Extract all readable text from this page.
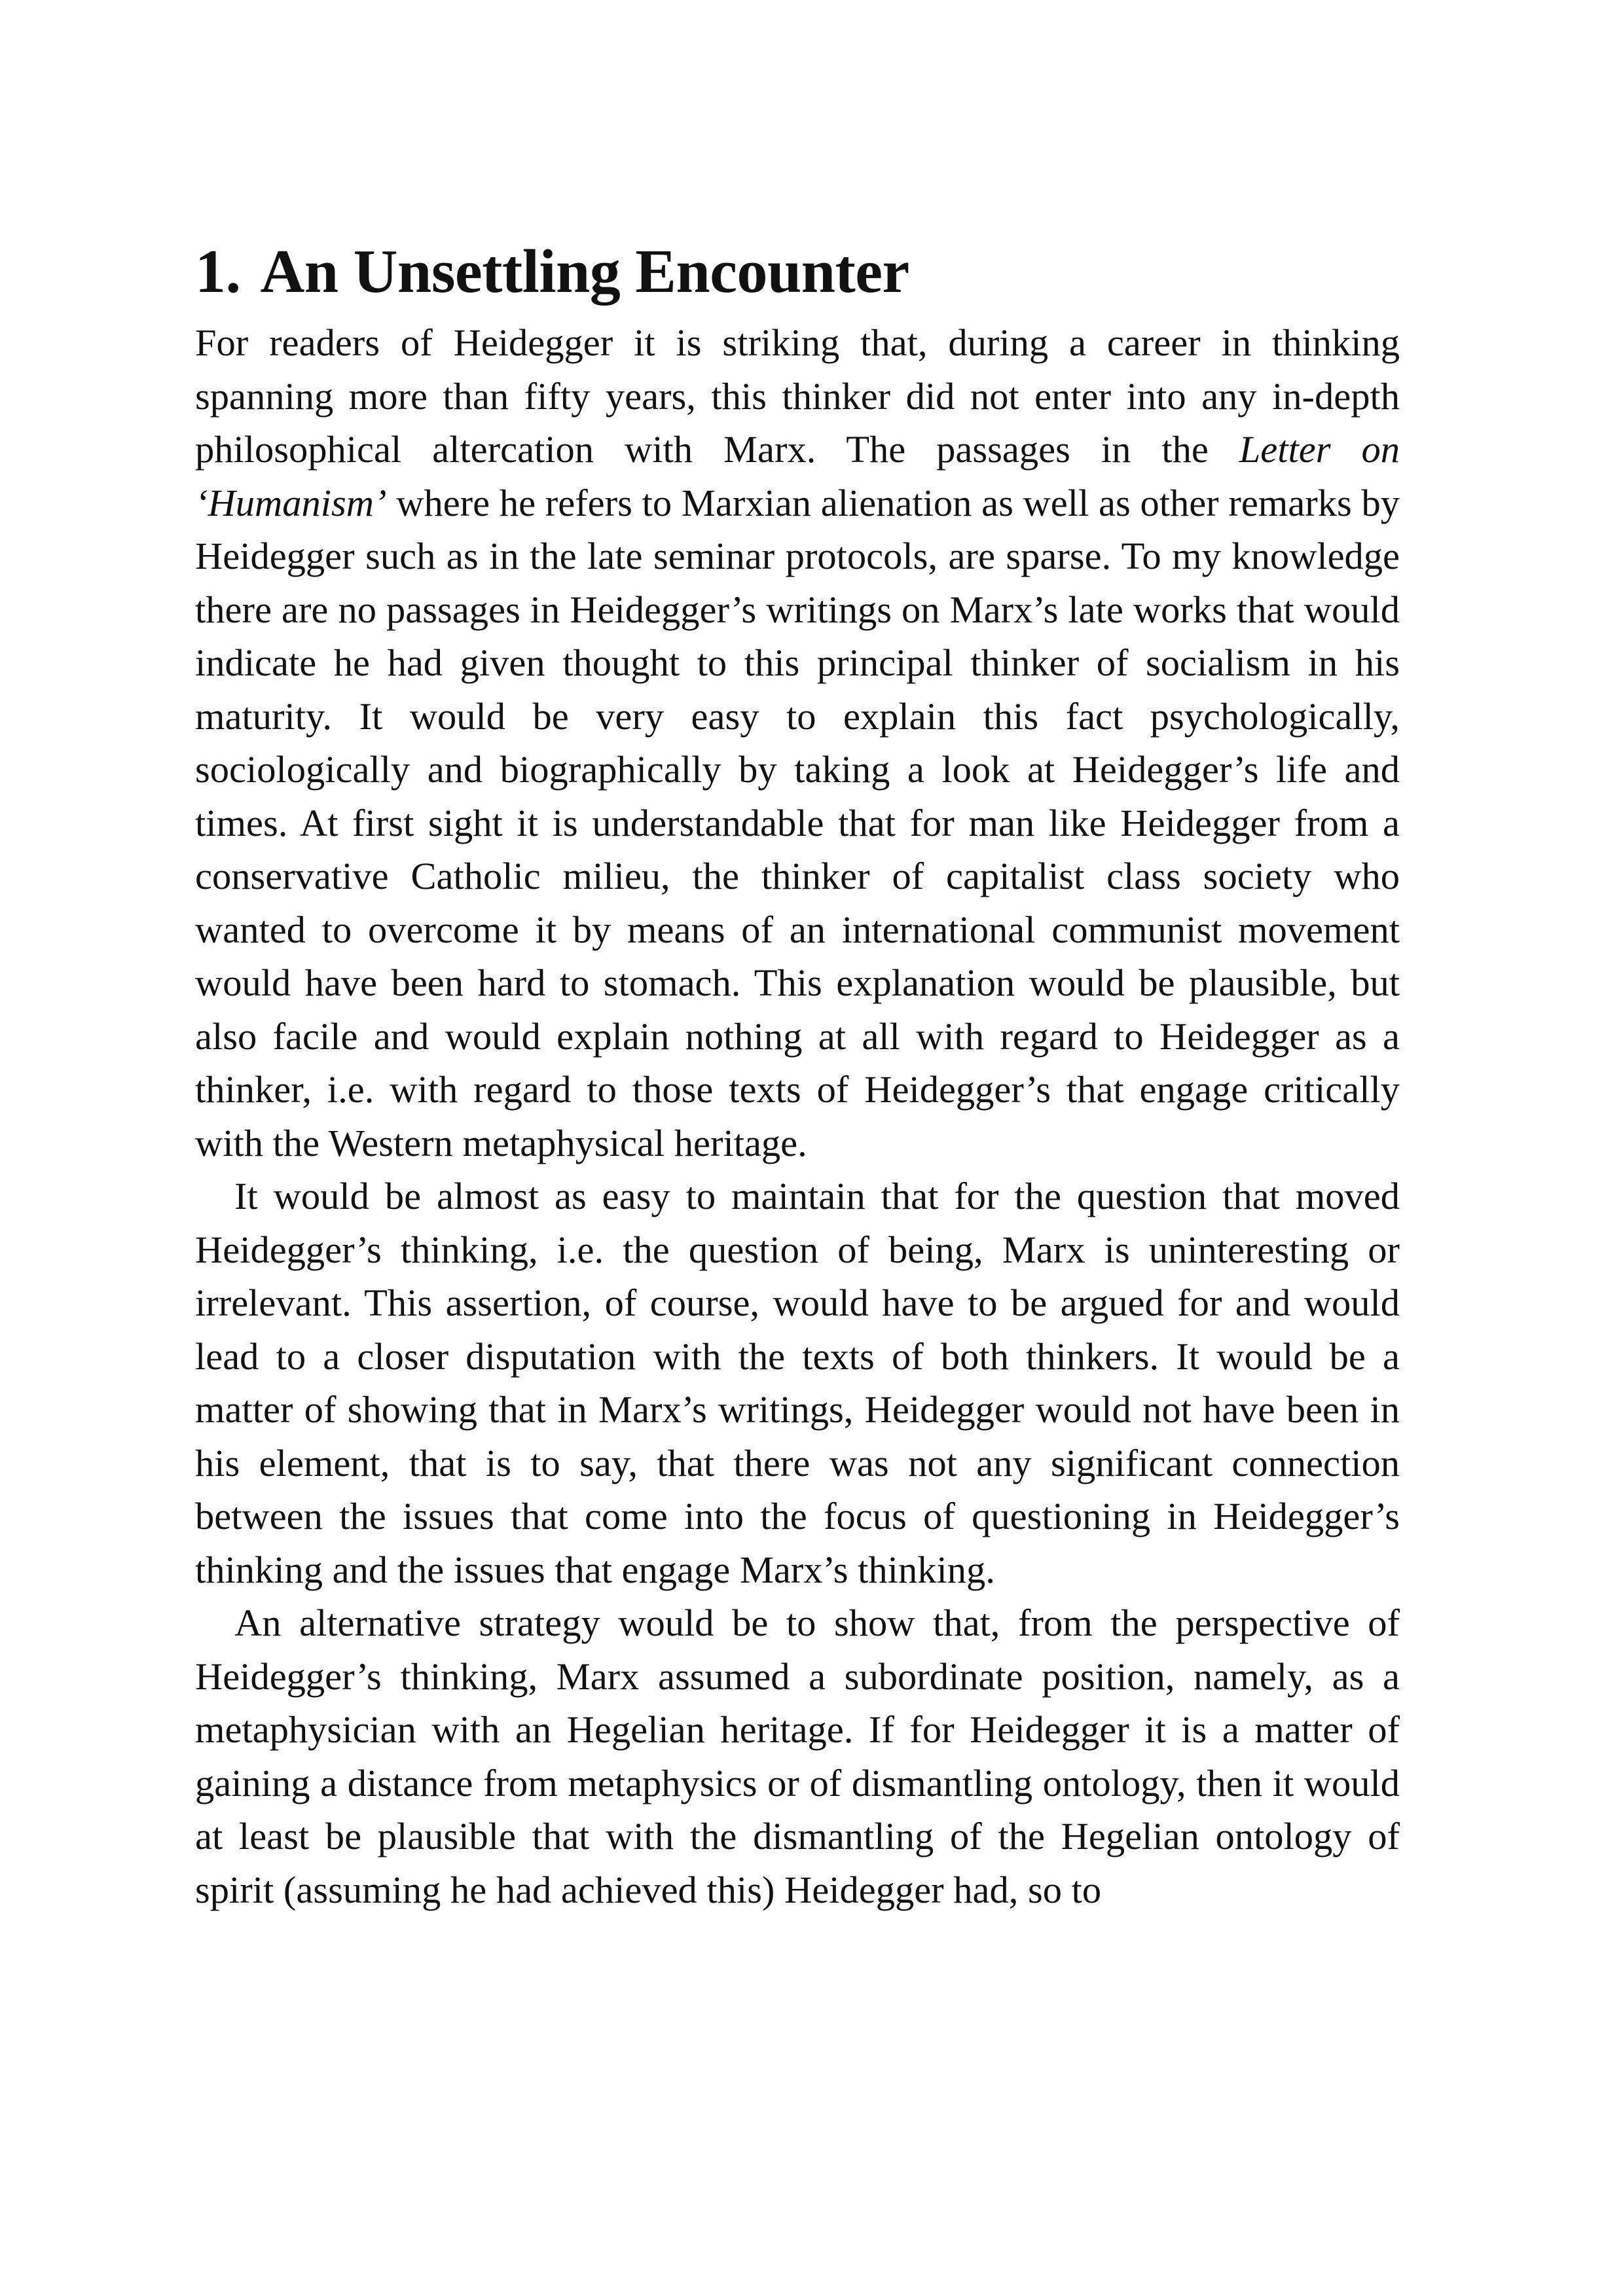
1. An Unsettling Encounter

For readers of Heidegger it is striking that, during a career in thinking spanning more than fifty years, this thinker did not enter into any in-depth philosophical altercation with Marx. The passages in the Letter on ‘Humanism’ where he refers to Marxian alienation as well as other remarks by Heidegger such as in the late seminar protocols, are sparse. To my knowledge there are no passages in Heidegger’s writings on Marx’s late works that would indicate he had given thought to this principal thinker of socialism in his maturity. It would be very easy to explain this fact psychologically, sociologically and biographically by taking a look at Heidegger’s life and times. At first sight it is understandable that for man like Heidegger from a conservative Catholic milieu, the thinker of capitalist class society who wanted to overcome it by means of an international communist movement would have been hard to stomach. This explanation would be plausible, but also facile and would explain nothing at all with regard to Heidegger as a thinker, i.e. with regard to those texts of Heidegger’s that engage critically with the Western metaphysical heritage.

It would be almost as easy to maintain that for the question that moved Heidegger’s thinking, i.e. the question of being, Marx is uninteresting or irrelevant. This assertion, of course, would have to be argued for and would lead to a closer disputation with the texts of both thinkers. It would be a matter of showing that in Marx’s writings, Heidegger would not have been in his element, that is to say, that there was not any significant connection between the issues that come into the focus of questioning in Heidegger’s thinking and the issues that engage Marx’s thinking.

An alternative strategy would be to show that, from the perspective of Heidegger’s thinking, Marx assumed a subordinate position, namely, as a metaphysician with an Hegelian heritage. If for Heidegger it is a matter of gaining a distance from metaphysics or of dismantling ontology, then it would at least be plausible that with the dismantling of the Hegelian ontology of spirit (assuming he had achieved this) Heidegger had, so to
